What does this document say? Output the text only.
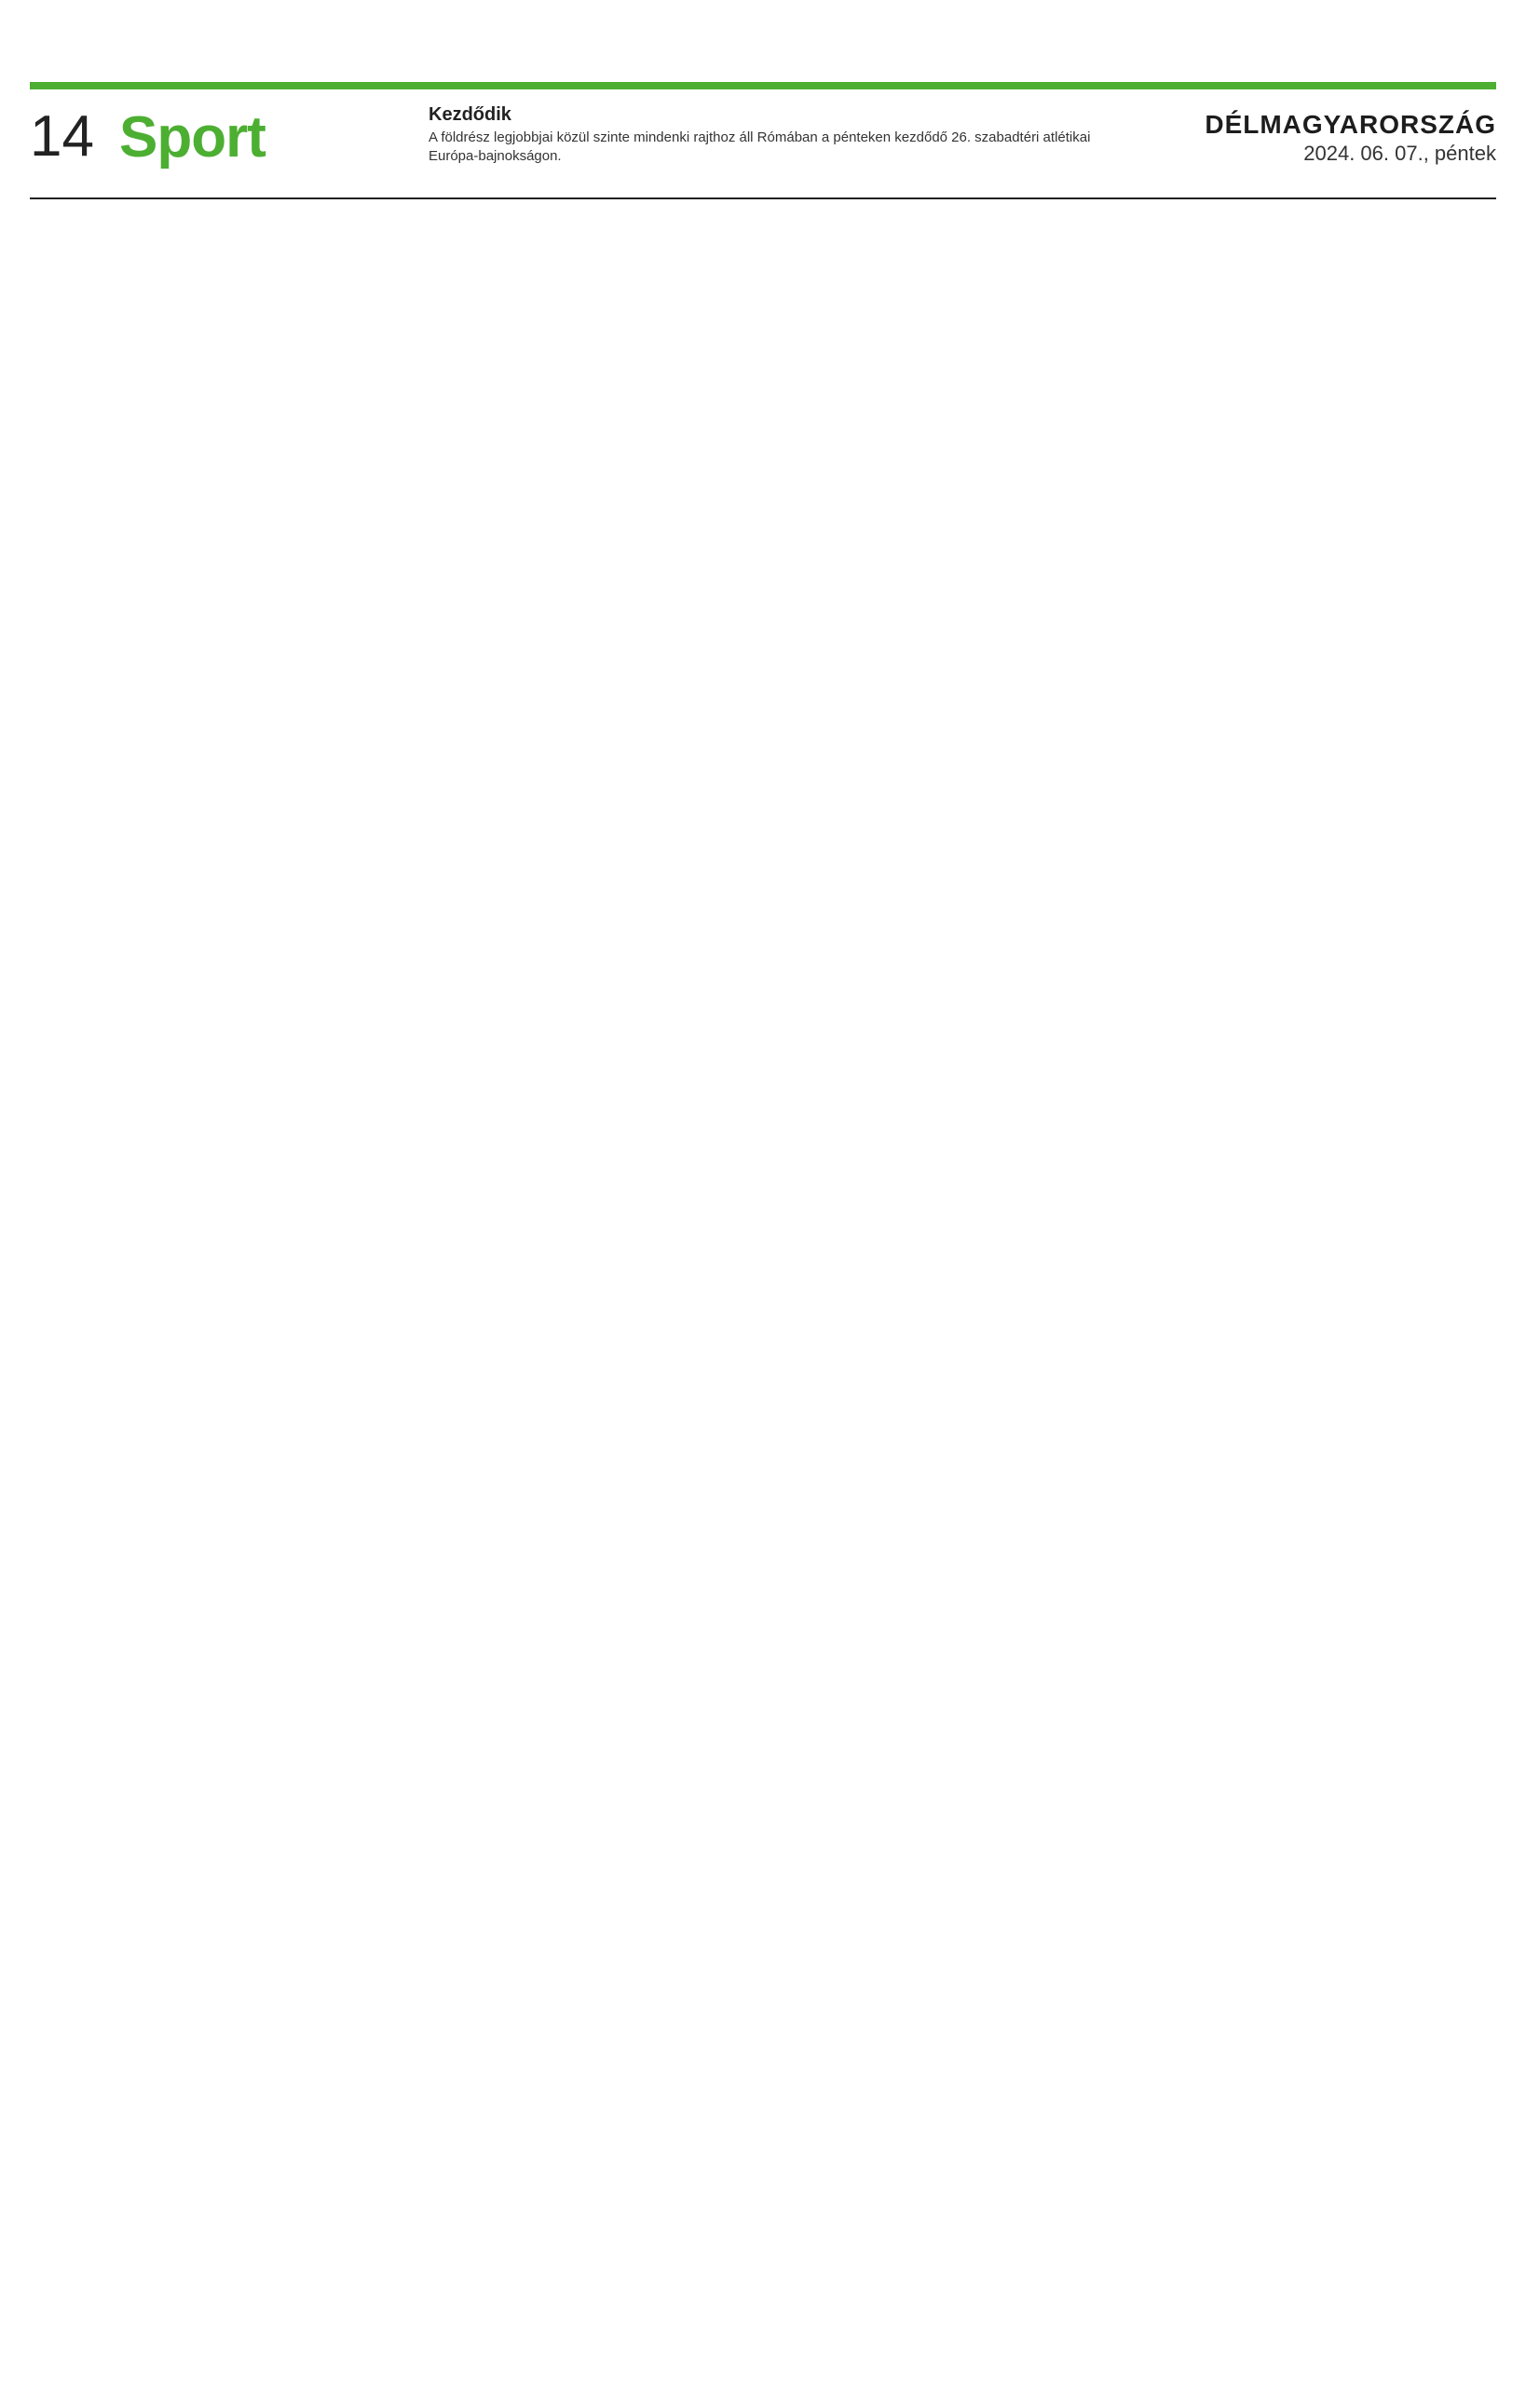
14 Sport	Kezdődik
A földrész legjobbjai közül szinte mindenki rajthoz áll Rómában a pénteken kezdődő 26. szabadtéri atlétikai Európa-bajnokságon.
DÉLMAGYARORSZÁG
2024. 06. 07., péntek
